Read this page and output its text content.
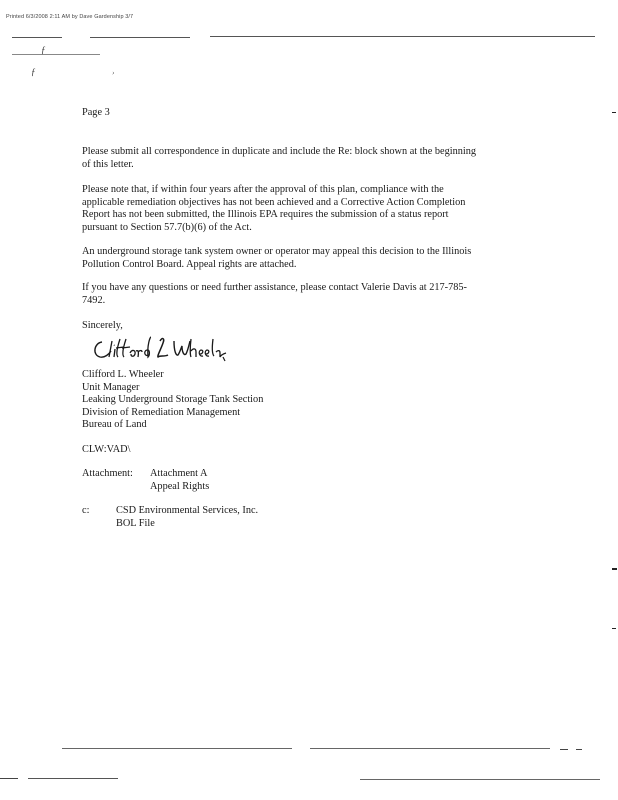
Printed 6/3/2008 2:11 AM by Dave Gardenship 3/7
ƒ
ƒ	›
Page 3
Please submit all correspondence in duplicate and include the Re: block shown at the beginning
of this letter.
Please note that, if within four years after the approval of this plan, compliance with the
applicable remediation objectives has not been achieved and a Corrective Action Completion
Report has not been submitted, the Illinois EPA requires the submission of a status report
pursuant to Section 57.7(b)(6) of the Act.
An underground storage tank system owner or operator may appeal this decision to the Illinois
Pollution Control Board. Appeal rights are attached.
If you have any questions or need further assistance, please contact Valerie Davis at 217-785-
7492.
Sincerely,
Clifford L. Wheeler
Unit Manager
Leaking Underground Storage Tank Section
Division of Remediation Management
Bureau of Land
CLW:VAD\
Attachment: Attachment A
Appeal Rights
c:	CSD Environmental Services, Inc.
BOL File
